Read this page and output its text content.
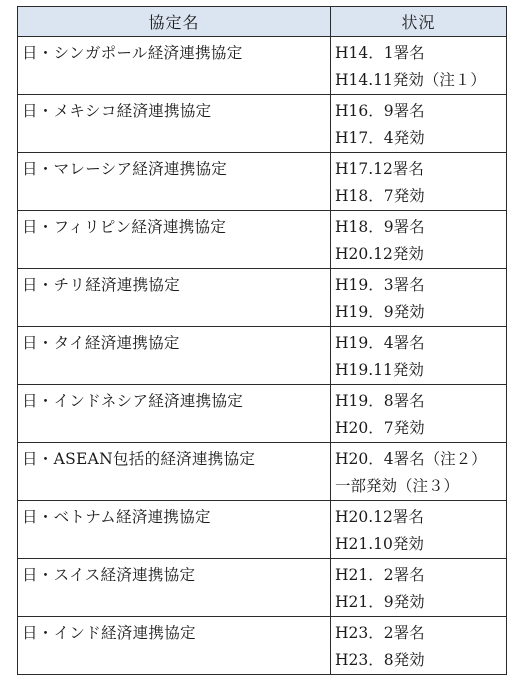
協定名	状況
日・シンガポール経済連携協定	H14．1署名
H14.11発効（注１）

日・メキシコ経済連携協定	H16．9署名
H17．4発効

日・マレーシア経済連携協定	H17.12署名
H18．7発効

日・フィリピン経済連携協定	H18．9署名
H20.12発効

日・チリ経済連携協定	H19．3署名
H19．9発効

日・タイ経済連携協定	H19．4署名
H19.11発効

日・インドネシア経済連携協定	H19．8署名
H20．7発効

日・ASEAN包括的経済連携協定	H20．4署名（注２）
一部発効（注３）

日・ベトナム経済連携協定	H20.12署名
H21.10発効

日・スイス経済連携協定	H21．2署名
H21．9発効

日・インド経済連携協定	H23．2署名
H23．8発効
